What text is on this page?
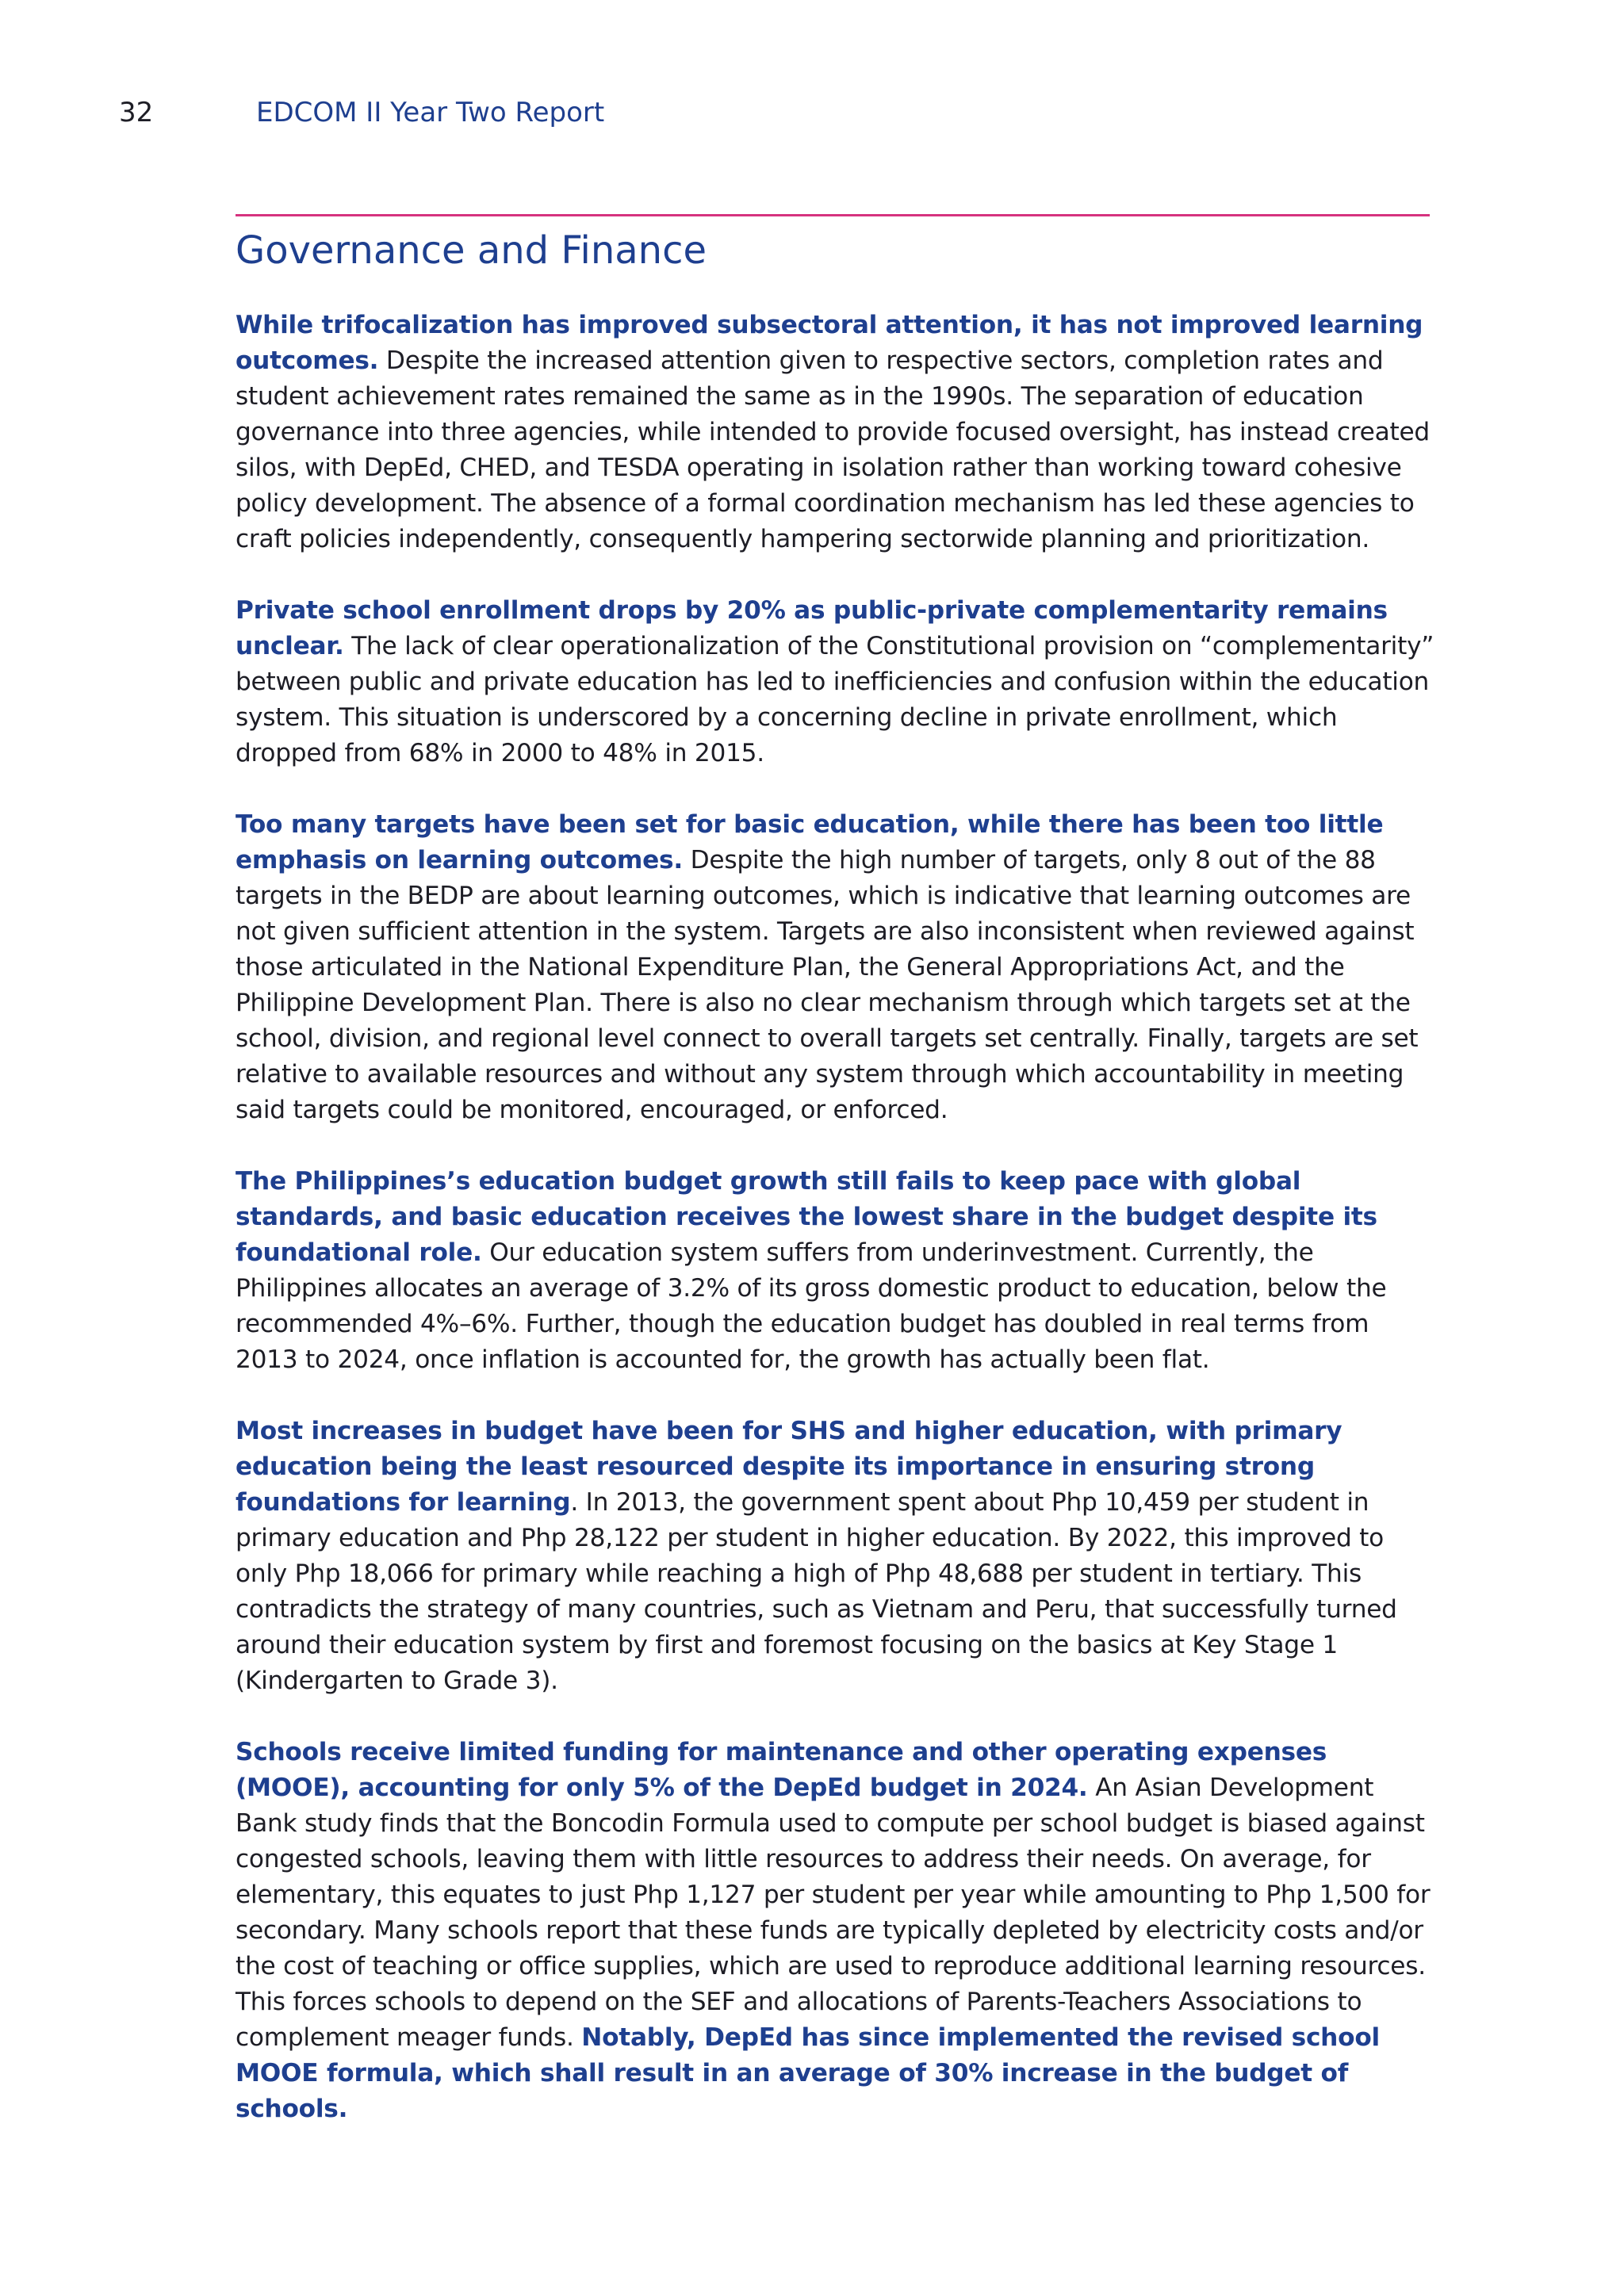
32	EDCOM II Year Two Report
Governance and Finance

While trifocalization has improved subsectoral attention, it has not improved learning outcomes. Despite the increased attention given to respective sectors, completion rates and student achievement rates remained the same as in the 1990s. The separation of education governance into three agencies, while intended to provide focused oversight, has instead created silos, with DepEd, CHED, and TESDA operating in isolation rather than working toward cohesive policy development. The absence of a formal coordination mechanism has led these agencies to craft policies independently, consequently hampering sectorwide planning and prioritization.

Private school enrollment drops by 20% as public-private complementarity remains unclear. The lack of clear operationalization of the Constitutional provision on “complementarity” between public and private education has led to inefficiencies and confusion within the education system. This situation is underscored by a concerning decline in private enrollment, which dropped from 68% in 2000 to 48% in 2015.

Too many targets have been set for basic education, while there has been too little emphasis on learning outcomes. Despite the high number of targets, only 8 out of the 88 targets in the BEDP are about learning outcomes, which is indicative that learning outcomes are not given sufficient attention in the system. Targets are also inconsistent when reviewed against those articulated in the National Expenditure Plan, the General Appropriations Act, and the Philippine Development Plan. There is also no clear mechanism through which targets set at the school, division, and regional level connect to overall targets set centrally. Finally, targets are set relative to available resources and without any system through which accountability in meeting said targets could be monitored, encouraged, or enforced.

The Philippines’s education budget growth still fails to keep pace with global standards, and basic education receives the lowest share in the budget despite its foundational role. Our education system suffers from underinvestment. Currently, the Philippines allocates an average of 3.2% of its gross domestic product to education, below the recommended 4%–6%. Further, though the education budget has doubled in real terms from 2013 to 2024, once inflation is accounted for, the growth has actually been flat.

Most increases in budget have been for SHS and higher education, with primary education being the least resourced despite its importance in ensuring strong foundations for learning. In 2013, the government spent about Php 10,459 per student in primary education and Php 28,122 per student in higher education. By 2022, this improved to only Php 18,066 for primary while reaching a high of Php 48,688 per student in tertiary. This contradicts the strategy of many countries, such as Vietnam and Peru, that successfully turned around their education system by first and foremost focusing on the basics at Key Stage 1 (Kindergarten to Grade 3).

Schools receive limited funding for maintenance and other operating expenses (MOOE), accounting for only 5% of the DepEd budget in 2024. An Asian Development Bank study finds that the Boncodin Formula used to compute per school budget is biased against congested schools, leaving them with little resources to address their needs. On average, for elementary, this equates to just Php 1,127 per student per year while amounting to Php 1,500 for secondary. Many schools report that these funds are typically depleted by electricity costs and/or the cost of teaching or office supplies, which are used to reproduce additional learning resources. This forces schools to depend on the SEF and allocations of Parents-Teachers Associations to complement meager funds. Notably, DepEd has since implemented the revised school MOOE formula, which shall result in an average of 30% increase in the budget of schools.
